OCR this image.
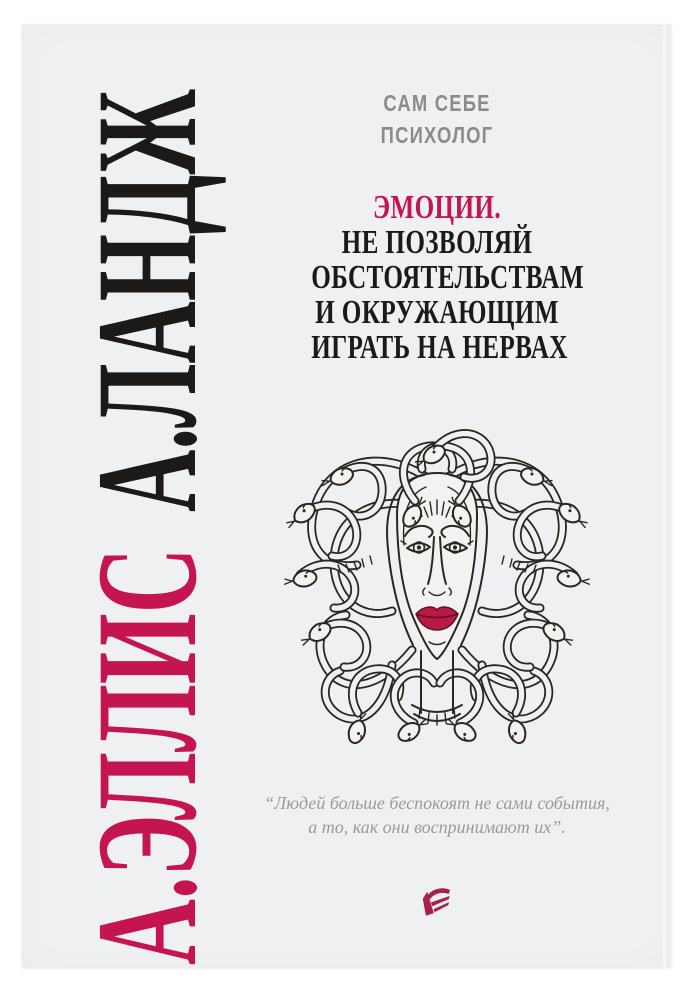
САМ СЕБЕ
ПСИХОЛОГ
ЭМОЦИИ.
НЕ ПОЗВОЛЯЙ
ОБСТОЯТЕЛЬСТВАМ
И ОКРУЖАЮЩИМ
ИГРАТЬ НА НЕРВАХ
А.ЛАНДЖ
А.ЭЛЛИС	“Людей больше беспокоят не сами события,
а то, как они воспринимают их”.
